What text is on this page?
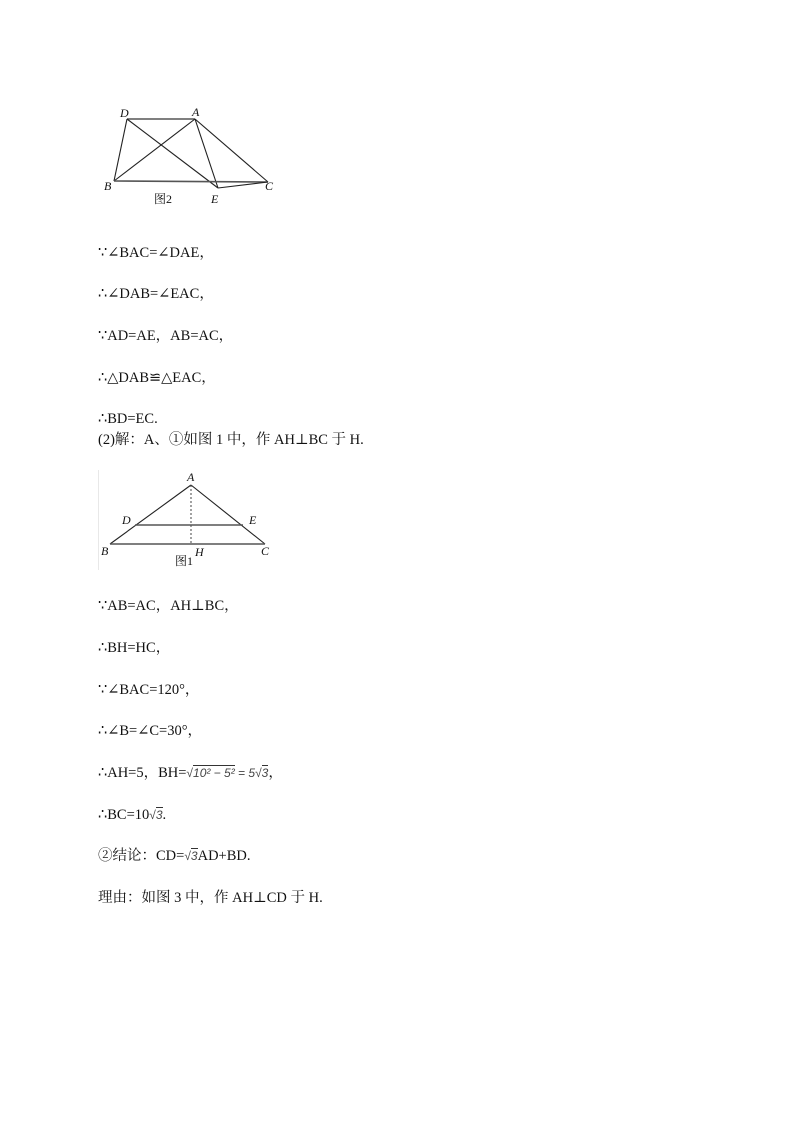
D	A
B
E
C
图2
∵∠BAC=∠DAE，
∴∠DAB=∠EAC，
∵AD=AE，AB=AC，
∴△DAB≌△EAC，
∴BD=EC.
(2)解：A、①如图 1 中，作 AH⊥BC 于 H.
A
D	E
B	H	C
图1
∵AB=AC，AH⊥BC，
∴BH=HC，
∵∠BAC=120°，
∴∠B=∠C=30°，
∴AH=5，BH=√10² − 5² = 5√3，
∴BC=10√3.
②结论：CD=√3AD+BD.
理由：如图 3 中，作 AH⊥CD 于 H.
